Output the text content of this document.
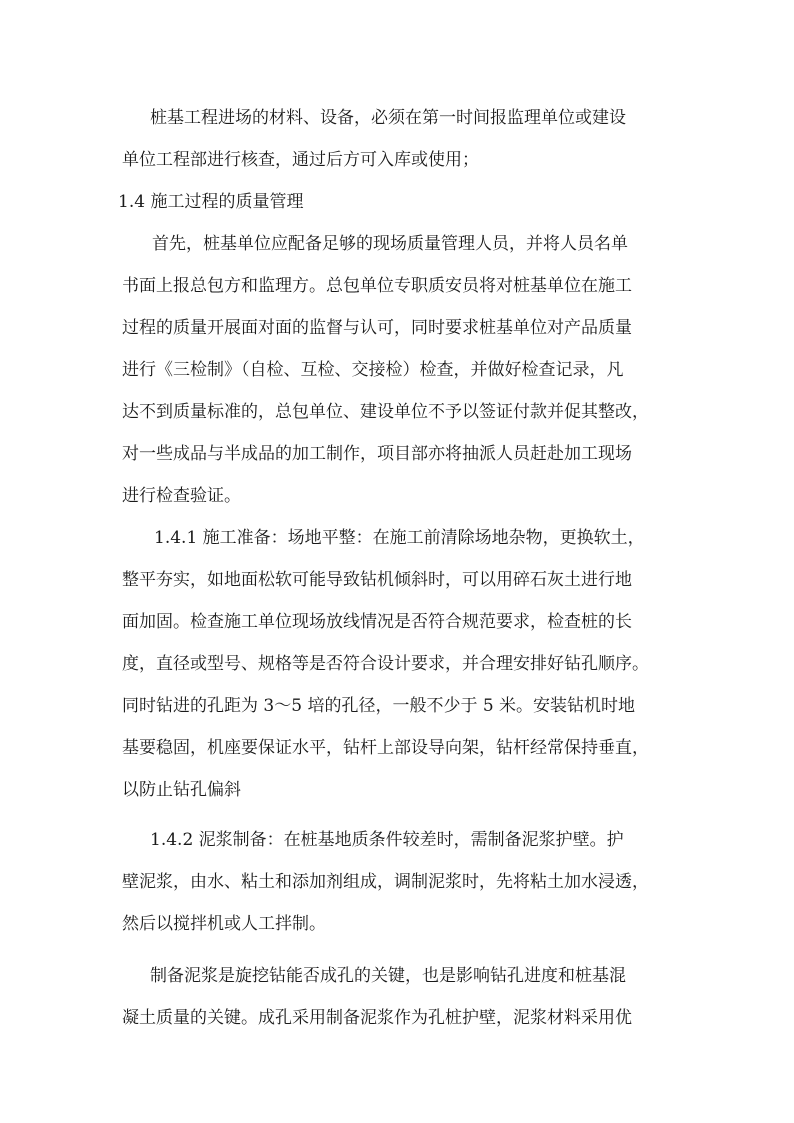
桩基工程进场的材料、设备，必须在第一时间报监理单位或建设
单位工程部进行核查，通过后方可入库或使用；
1.4 施工过程的质量管理
首先，桩基单位应配备足够的现场质量管理人员，并将人员名单
书面上报总包方和监理方。总包单位专职质安员将对桩基单位在施工
过程的质量开展面对面的监督与认可，同时要求桩基单位对产品质量
进行《三检制》（自检、互检、交接检）检查，并做好检查记录，凡
达不到质量标准的，总包单位、建设单位不予以签证付款并促其整改，
对一些成品与半成品的加工制作，项目部亦将抽派人员赶赴加工现场
进行检查验证。
1.4.1 施工准备：场地平整：在施工前清除场地杂物，更换软土，
整平夯实，如地面松软可能导致钻机倾斜时，可以用碎石灰土进行地
面加固。检查施工单位现场放线情况是否符合规范要求，检查桩的长
度，直径或型号、规格等是否符合设计要求，并合理安排好钻孔顺序。
同时钻进的孔距为 3～5 培的孔径，一般不少于 5 米。安装钻机时地
基要稳固，机座要保证水平，钻杆上部设导向架，钻杆经常保持垂直，
以防止钻孔偏斜
1.4.2 泥浆制备：在桩基地质条件较差时，需制备泥浆护壁。护
壁泥浆，由水、粘土和添加剂组成，调制泥浆时，先将粘土加水浸透，
然后以搅拌机或人工拌制。
制备泥浆是旋挖钻能否成孔的关键，也是影响钻孔进度和桩基混
凝土质量的关键。成孔采用制备泥浆作为孔桩护壁，泥浆材料采用优
